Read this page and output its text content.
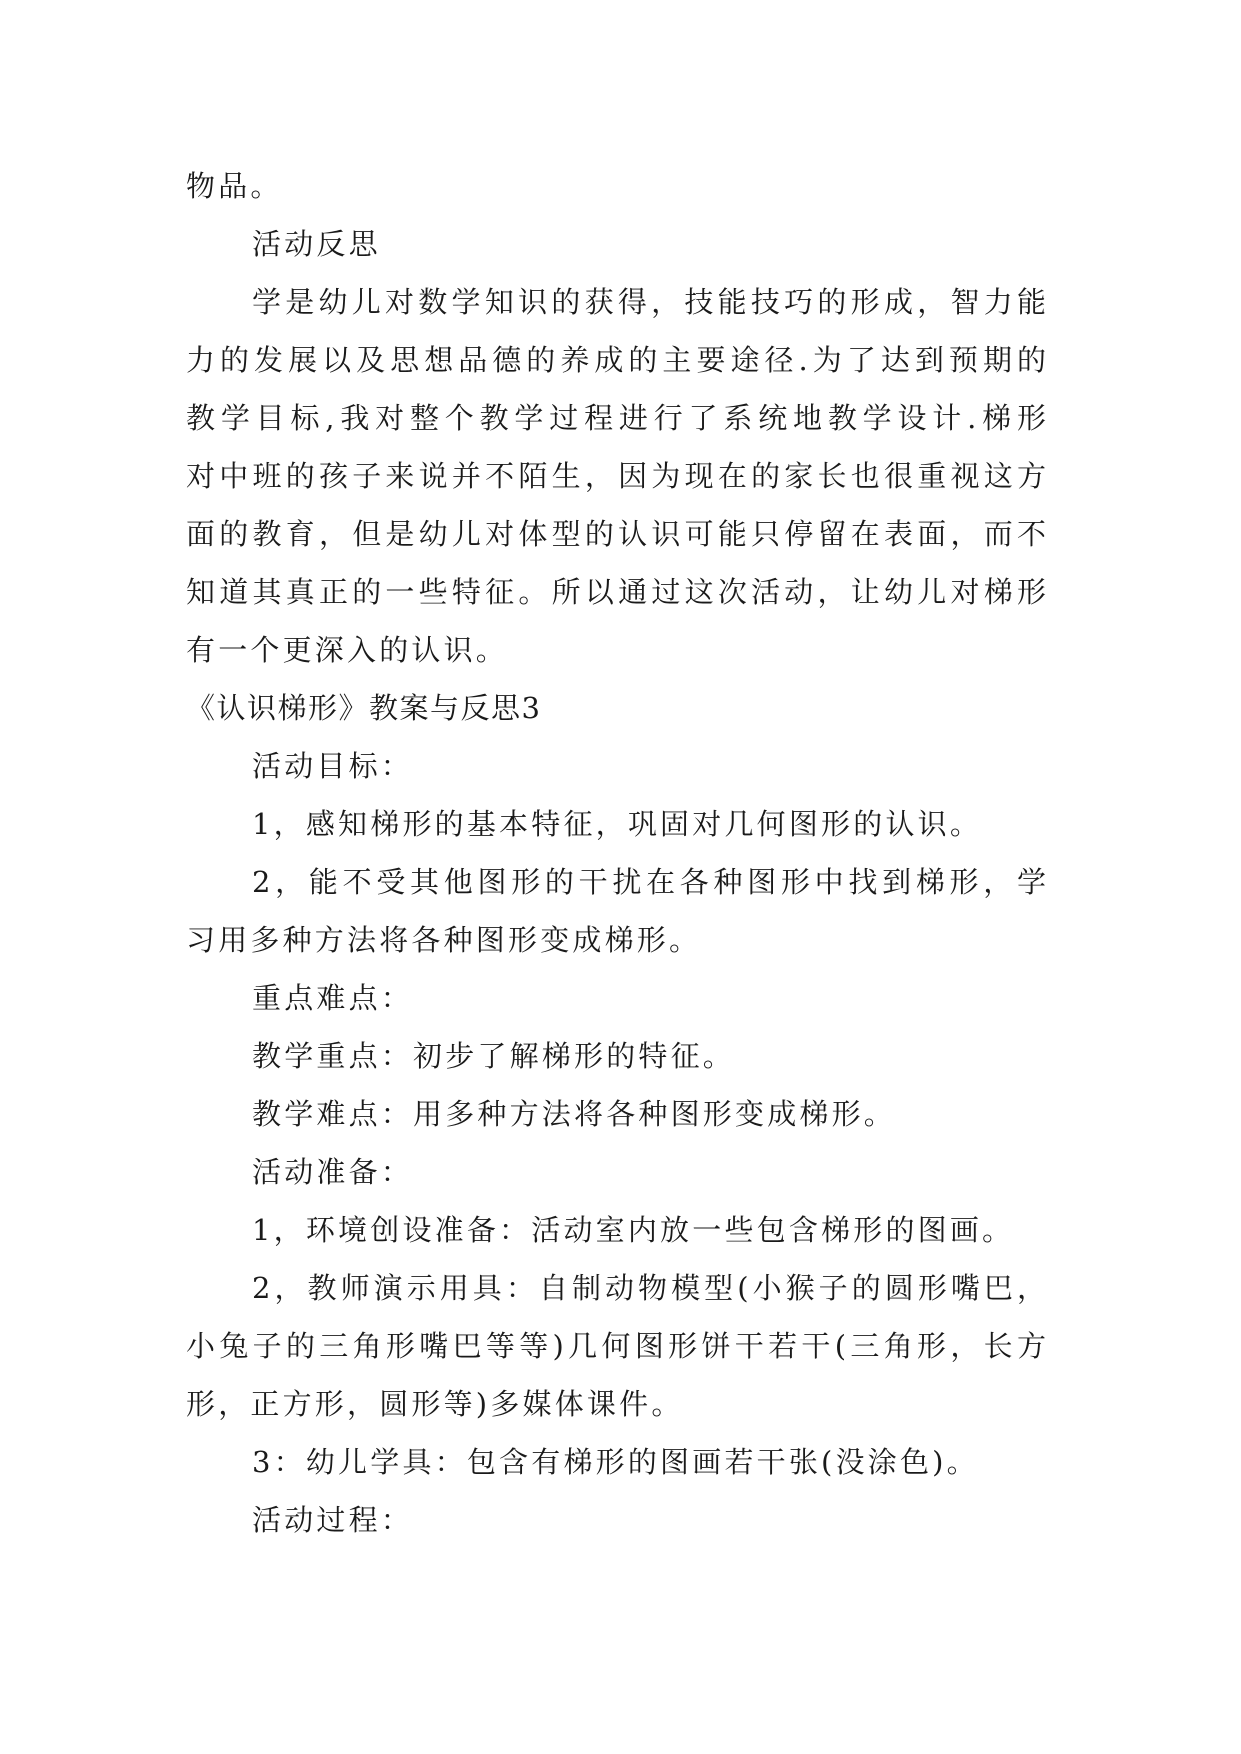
物品。

活动反思

学是幼儿对数学知识的获得，技能技巧的形成，智力能

力的发展以及思想品德的养成的主要途径.为了达到预期的

教学目标,我对整个教学过程进行了系统地教学设计.梯形

对中班的孩子来说并不陌生，因为现在的家长也很重视这方

面的教育，但是幼儿对体型的认识可能只停留在表面，而不

知道其真正的一些特征。所以通过这次活动，让幼儿对梯形

有一个更深入的认识。

《认识梯形》教案与反思3

活动目标：

1，感知梯形的基本特征，巩固对几何图形的认识。

2，能不受其他图形的干扰在各种图形中找到梯形，学

习用多种方法将各种图形变成梯形。

重点难点：

教学重点：初步了解梯形的特征。

教学难点：用多种方法将各种图形变成梯形。

活动准备：

1，环境创设准备：活动室内放一些包含梯形的图画。

2，教师演示用具：自制动物模型(小猴子的圆形嘴巴，

小兔子的三角形嘴巴等等)几何图形饼干若干(三角形，长方

形，正方形，圆形等)多媒体课件。

3：幼儿学具：包含有梯形的图画若干张(没涂色)。

活动过程：
